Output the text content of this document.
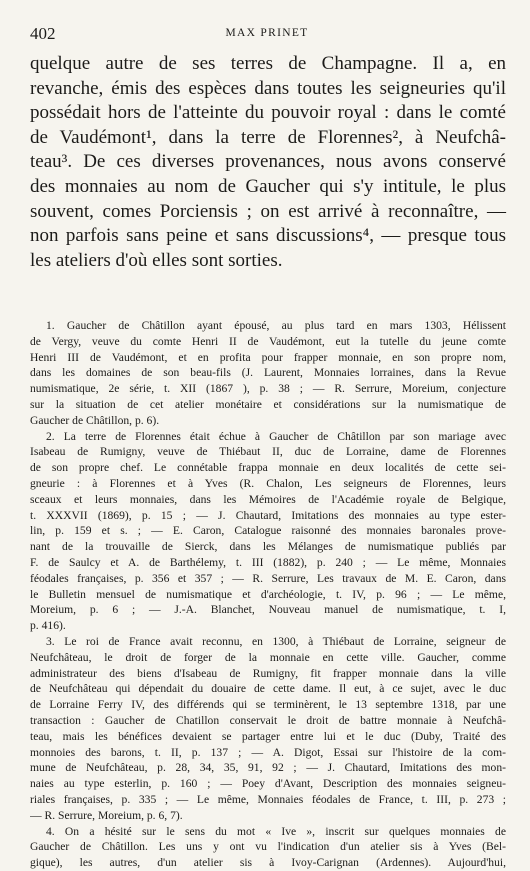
402	MAX PRINET
quelque autre de ses terres de Champagne. Il a, en
revanche, émis des espèces dans toutes les seigneuries qu'il
possédait hors de l'atteinte du pouvoir royal : dans le comté
de Vaudémont¹, dans la terre de Florennes², à Neufchâ-
teau³. De ces diverses provenances, nous avons conservé
des monnaies au nom de Gaucher qui s'y intitule, le plus
souvent, comes Porciensis ; on est arrivé à reconnaître, —
non parfois sans peine et sans discussions⁴, — presque tous
les ateliers d'où elles sont sorties.
1. Gaucher de Châtillon ayant épousé, au plus tard en mars 1303, Hélissent
de Vergy, veuve du comte Henri II de Vaudémont, eut la tutelle du jeune comte
Henri III de Vaudémont, et en profita pour frapper monnaie, en son propre nom,
dans les domaines de son beau-fils (J. Laurent, Monnaies lorraines, dans la Revue
numismatique, 2e série, t. XII (1867 ), p. 38 ; — R. Serrure, Moreium, conjecture
sur la situation de cet atelier monétaire et considérations sur la numismatique de
Gaucher de Châtillon, p. 6).
2. La terre de Florennes était échue à Gaucher de Châtillon par son mariage avec
Isabeau de Rumigny, veuve de Thiébaut II, duc de Lorraine, dame de Florennes
de son propre chef. Le connétable frappa monnaie en deux localités de cette sei-
gneurie : à Florennes et à Yves (R. Chalon, Les seigneurs de Florennes, leurs
sceaux et leurs monnaies, dans les Mémoires de l'Académie royale de Belgique,
t. XXXVII (1869), p. 15 ; — J. Chautard, Imitations des monnaies au type ester-
lin, p. 159 et s. ; — E. Caron, Catalogue raisonné des monnaies baronales prove-
nant de la trouvaille de Sierck, dans les Mélanges de numismatique publiés par
F. de Saulcy et A. de Barthélemy, t. III (1882), p. 240 ; — Le même, Monnaies
féodales françaises, p. 356 et 357 ; — R. Serrure, Les travaux de M. E. Caron, dans
le Bulletin mensuel de numismatique et d'archéologie, t. IV, p. 96 ; — Le même,
Moreium, p. 6 ; — J.-A. Blanchet, Nouveau manuel de numismatique, t. I,
p. 416).
3. Le roi de France avait reconnu, en 1300, à Thiébaut de Lorraine, seigneur de
Neufchâteau, le droit de forger de la monnaie en cette ville. Gaucher, comme
administrateur des biens d'Isabeau de Rumigny, fit frapper monnaie dans la ville
de Neufchâteau qui dépendait du douaire de cette dame. Il eut, à ce sujet, avec le duc
de Lorraine Ferry IV, des différends qui se terminèrent, le 13 septembre 1318, par une
transaction : Gaucher de Chatillon conservait le droit de battre monnaie à Neufchâ-
teau, mais les bénéfices devaient se partager entre lui et le duc (Duby, Traité des
monnoies des barons, t. II, p. 137 ; — A. Digot, Essai sur l'histoire de la com-
mune de Neufchâteau, p. 28, 34, 35, 91, 92 ; — J. Chautard, Imitations des mon-
naies au type esterlin, p. 160 ; — Poey d'Avant, Description des monnaies seigneu-
riales françaises, p. 335 ; — Le même, Monnaies féodales de France, t. III, p. 273 ;
— R. Serrure, Moreium, p. 6, 7).
4. On a hésité sur le sens du mot « Ive », inscrit sur quelques monnaies de
Gaucher de Châtillon. Les uns y ont vu l'indication d'un atelier sis à Yves (Bel-
gique), les autres, d'un atelier sis à Ivoy-Carignan (Ardennes). Aujourd'hui,
